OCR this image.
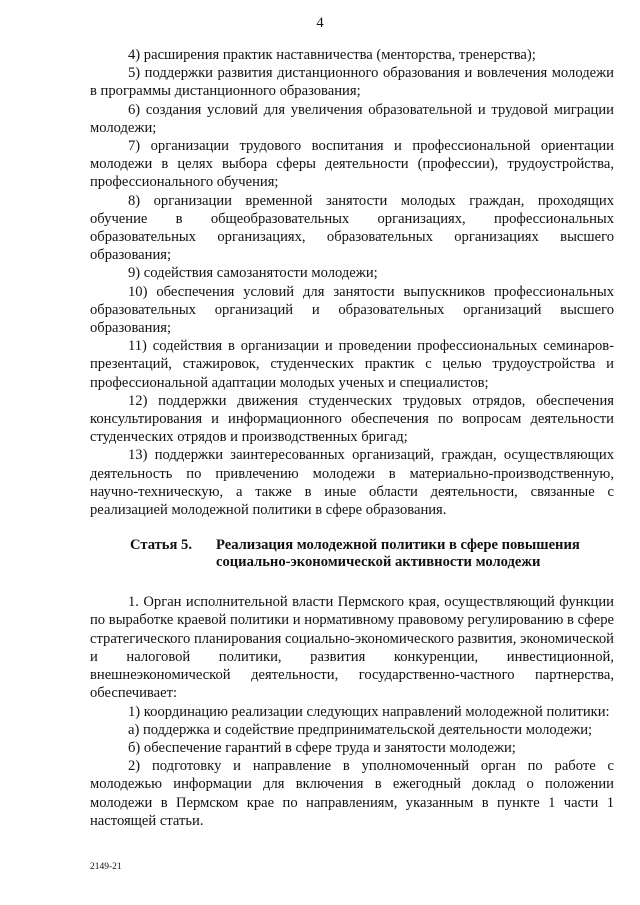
4

4) расширения практик наставничества (менторства, тренерства);

5) поддержки развития дистанционного образования и вовлечения молодежи в программы дистанционного образования;

6) создания условий для увеличения образовательной и трудовой миграции молодежи;

7) организации трудового воспитания и профессиональной ориентации молодежи в целях выбора сферы деятельности (профессии), трудоустройства, профессионального обучения;

8) организации временной занятости молодых граждан, проходящих обучение в общеобразовательных организациях, профессиональных образовательных организациях, образовательных организациях высшего образования;

9) содействия самозанятости молодежи;

10) обеспечения условий для занятости выпускников профессиональных образовательных организаций и образовательных организаций высшего образования;

11) содействия в организации и проведении профессиональных семинаров-презентаций, стажировок, студенческих практик с целью трудоустройства и профессиональной адаптации молодых ученых и специалистов;

12) поддержки движения студенческих трудовых отрядов, обеспечения консультирования и информационного обеспечения по вопросам деятельности студенческих отрядов и производственных бригад;

13) поддержки заинтересованных организаций, граждан, осуществляющих деятельность по привлечению молодежи в материально-производственную, научно-техническую, а также в иные области деятельности, связанные с реализацией молодежной политики в сфере образования.

Статья 5.	Реализация молодежной политики в сфере повышения социально-экономической активности молодежи

1. Орган исполнительной власти Пермского края, осуществляющий функции по выработке краевой политики и нормативному правовому регулированию в сфере стратегического планирования социально-экономического развития, экономической и налоговой политики, развития конкуренции, инвестиционной, внешнеэкономической деятельности, государственно-частного партнерства, обеспечивает:

1) координацию реализации следующих направлений молодежной политики:

а) поддержка и содействие предпринимательской деятельности молодежи;

б) обеспечение гарантий в сфере труда и занятости молодежи;

2) подготовку и направление в уполномоченный орган по работе с молодежью информации для включения в ежегодный доклад о положении молодежи в Пермском крае по направлениям, указанным в пункте 1 части 1 настоящей статьи.

2149-21
